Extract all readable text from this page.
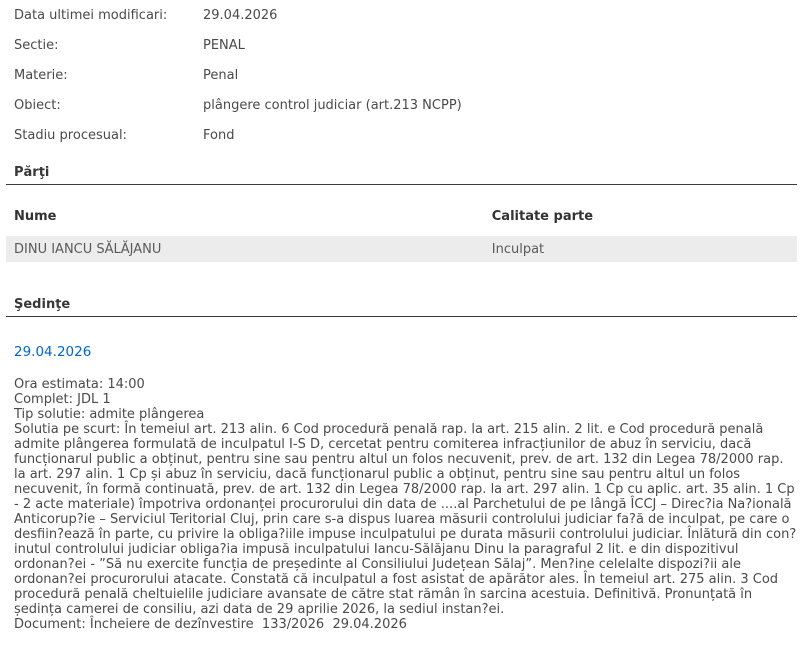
Data ultimei modificari:	29.04.2026
Sectie:	PENAL
Materie:	Penal
Obiect:	plângere control judiciar (art.213 NCPP)
Stadiu procesual:	Fond
Părţi
Nume	Calitate parte
DINU IANCU SĂLĂJANU	Inculpat
Şedinţe
29.04.2026
Ora estimata: 14:00
Complet: JDL 1
Tip solutie: admite plângerea
Solutia pe scurt: În temeiul art. 213 alin. 6 Cod procedură penală rap. la art. 215 alin. 2 lit. e Cod procedură penală admite plângerea formulată de inculpatul I-S D, cercetat pentru comiterea infracțiunilor de abuz în serviciu, dacă funcționarul public a obținut, pentru sine sau pentru altul un folos necuvenit, prev. de art. 132 din Legea 78/2000 rap. la art. 297 alin. 1 Cp și abuz în serviciu, dacă funcționarul public a obținut, pentru sine sau pentru altul un folos necuvenit, în formă continuată, prev. de art. 132 din Legea 78/2000 rap. la art. 297 alin. 1 Cp cu aplic. art. 35 alin. 1 Cp - 2 acte materiale) împotriva ordonanței procurorului din data de ....al Parchetului de pe lângă ÎCCJ – Direc?ia Na?ională Anticorup?ie – Serviciul Teritorial Cluj, prin care s-a dispus luarea măsurii controlului judiciar fa?ă de inculpat, pe care o desfiin?ează în parte, cu privire la obliga?iile impuse inculpatului pe durata măsurii controlului judiciar. Înlătură din con?inutul controlului judiciar obliga?ia impusă inculpatului Iancu-Sălăjanu Dinu la paragraful 2 lit. e din dispozitivul ordonan?ei - ”Să nu exercite funcția de președinte al Consiliului Județean Sălaj”. Men?ine celelalte dispozi?ii ale ordonan?ei procurorului atacate. Constată că inculpatul a fost asistat de apărător ales. În temeiul art. 275 alin. 3 Cod procedură penală cheltuielile judiciare avansate de către stat rămân în sarcina acestuia. Definitivă. Pronunțată în ședința camerei de consiliu, azi data de 29 aprilie 2026, la sediul instan?ei.
Document: Încheiere de dezînvestire  133/2026  29.04.2026
